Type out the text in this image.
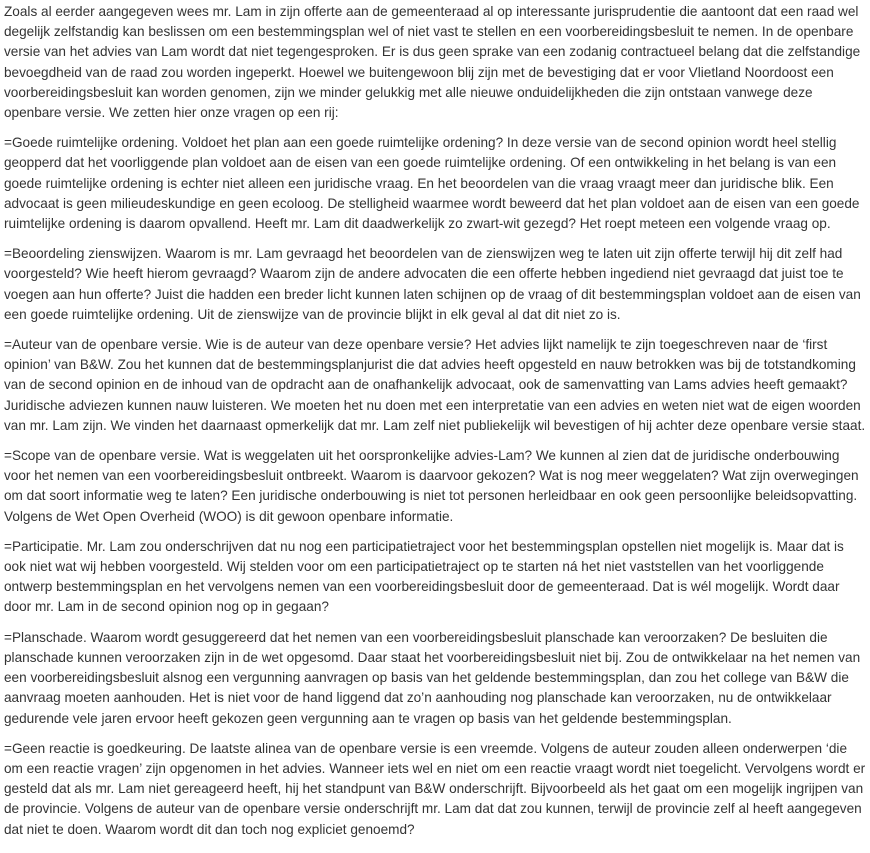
Zoals al eerder aangegeven wees mr. Lam in zijn offerte aan de gemeenteraad al op interessante jurisprudentie die aantoont dat een raad wel degelijk zelfstandig kan beslissen om een bestemmingsplan wel of niet vast te stellen en een voorbereidingsbesluit te nemen. In de openbare versie van het advies van Lam wordt dat niet tegengesproken. Er is dus geen sprake van een zodanig contractueel belang dat die zelfstandige bevoegdheid van de raad zou worden ingeperkt. Hoewel we buitengewoon blij zijn met de bevestiging dat er voor Vlietland Noordoost een voorbereidingsbesluit kan worden genomen, zijn we minder gelukkig met alle nieuwe onduidelijkheden die zijn ontstaan vanwege deze openbare versie. We zetten hier onze vragen op een rij:

=Goede ruimtelijke ordening. Voldoet het plan aan een goede ruimtelijke ordening? In deze versie van de second opinion wordt heel stellig geopperd dat het voorliggende plan voldoet aan de eisen van een goede ruimtelijke ordening. Of een ontwikkeling in het belang is van een goede ruimtelijke ordening is echter niet alleen een juridische vraag. En het beoordelen van die vraag vraagt meer dan juridische blik. Een advocaat is geen milieudeskundige en geen ecoloog. De stelligheid waarmee wordt beweerd dat het plan voldoet aan de eisen van een goede ruimtelijke ordening is daarom opvallend. Heeft mr. Lam dit daadwerkelijk zo zwart-wit gezegd? Het roept meteen een volgende vraag op.

=Beoordeling zienswijzen. Waarom is mr. Lam gevraagd het beoordelen van de zienswijzen weg te laten uit zijn offerte terwijl hij dit zelf had voorgesteld? Wie heeft hierom gevraagd? Waarom zijn de andere advocaten die een offerte hebben ingediend niet gevraagd dat juist toe te voegen aan hun offerte? Juist die hadden een breder licht kunnen laten schijnen op de vraag of dit bestemmingsplan voldoet aan de eisen van een goede ruimtelijke ordening. Uit de zienswijze van de provincie blijkt in elk geval al dat dit niet zo is.

=Auteur van de openbare versie. Wie is de auteur van deze openbare versie? Het advies lijkt namelijk te zijn toegeschreven naar de ‘first opinion’ van B&W. Zou het kunnen dat de bestemmingsplanjurist die dat advies heeft opgesteld en nauw betrokken was bij de totstandkoming van de second opinion en de inhoud van de opdracht aan de onafhankelijk advocaat, ook de samenvatting van Lams advies heeft gemaakt? Juridische adviezen kunnen nauw luisteren. We moeten het nu doen met een interpretatie van een advies en weten niet wat de eigen woorden van mr. Lam zijn. We vinden het daarnaast opmerkelijk dat mr. Lam zelf niet publiekelijk wil bevestigen of hij achter deze openbare versie staat.

=Scope van de openbare versie. Wat is weggelaten uit het oorspronkelijke advies-Lam? We kunnen al zien dat de juridische onderbouwing voor het nemen van een voorbereidingsbesluit ontbreekt. Waarom is daarvoor gekozen? Wat is nog meer weggelaten? Wat zijn overwegingen om dat soort informatie weg te laten? Een juridische onderbouwing is niet tot personen herleidbaar en ook geen persoonlijke beleidsopvatting. Volgens de Wet Open Overheid (WOO) is dit gewoon openbare informatie.

=Participatie. Mr. Lam zou onderschrijven dat nu nog een participatietraject voor het bestemmingsplan opstellen niet mogelijk is. Maar dat is ook niet wat wij hebben voorgesteld. Wij stelden voor om een participatietraject op te starten ná het niet vaststellen van het voorliggende ontwerp bestemmingsplan en het vervolgens nemen van een voorbereidingsbesluit door de gemeenteraad. Dat is wél mogelijk. Wordt daar door mr. Lam in de second opinion nog op in gegaan?

=Planschade. Waarom wordt gesuggereerd dat het nemen van een voorbereidingsbesluit planschade kan veroorzaken? De besluiten die planschade kunnen veroorzaken zijn in de wet opgesomd. Daar staat het voorbereidingsbesluit niet bij. Zou de ontwikkelaar na het nemen van een voorbereidingsbesluit alsnog een vergunning aanvragen op basis van het geldende bestemmingsplan, dan zou het college van B&W die aanvraag moeten aanhouden. Het is niet voor de hand liggend dat zo’n aanhouding nog planschade kan veroorzaken, nu de ontwikkelaar gedurende vele jaren ervoor heeft gekozen geen vergunning aan te vragen op basis van het geldende bestemmingsplan.

=Geen reactie is goedkeuring. De laatste alinea van de openbare versie is een vreemde. Volgens de auteur zouden alleen onderwerpen ‘die om een reactie vragen’ zijn opgenomen in het advies. Wanneer iets wel en niet om een reactie vraagt wordt niet toegelicht. Vervolgens wordt er gesteld dat als mr. Lam niet gereageerd heeft, hij het standpunt van B&W onderschrijft. Bijvoorbeeld als het gaat om een mogelijk ingrijpen van de provincie. Volgens de auteur van de openbare versie onderschrijft mr. Lam dat dat zou kunnen, terwijl de provincie zelf al heeft aangegeven dat niet te doen. Waarom wordt dit dan toch nog expliciet genoemd?
